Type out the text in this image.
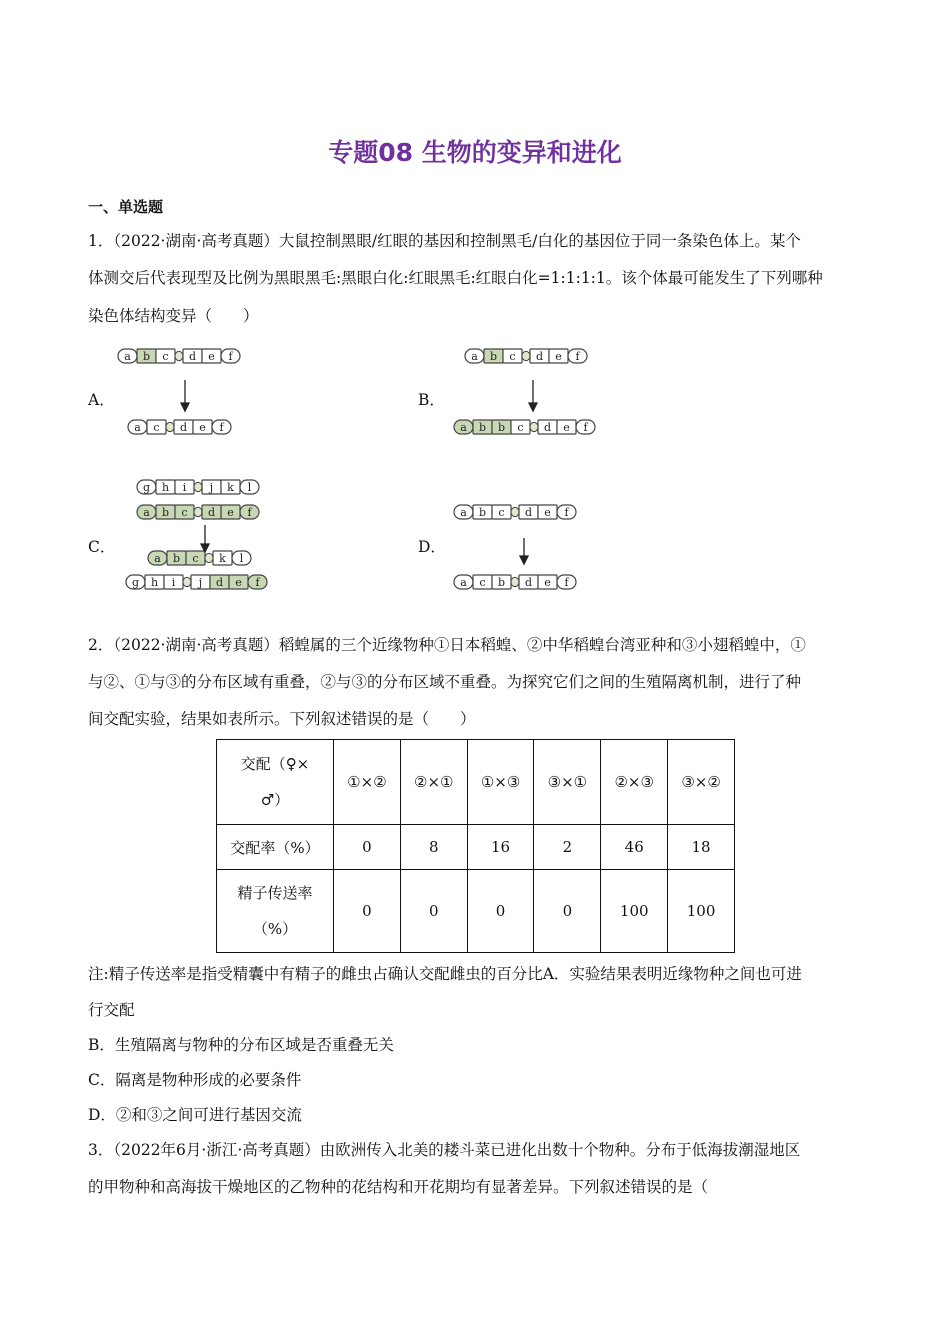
专题08 生物的变异和进化
一、单选题
1．（2022·湖南·高考真题）大鼠控制黑眼/红眼的基因和控制黑毛/白化的基因位于同一条染色体上。某个
体测交后代表现型及比例为黑眼黑毛:黑眼白化:红眼黑毛:红眼白化=1:1:1:1。该个体最可能发生了下列哪种
染色体结构变异（　　）
A．	B．
C．	D．
a b c d e f
a c d e f
a b c d e f
a b b c d e f
g h i j k l
a b c d e f
a b c k l
g h i j d e f
a b c d e f
a c b d e f
2．（2022·湖南·高考真题）稻蝗属的三个近缘物种①日本稻蝗、②中华稻蝗台湾亚种和③小翅稻蝗中，①
与②、①与③的分布区域有重叠，②与③的分布区域不重叠。为探究它们之间的生殖隔离机制，进行了种
间交配实验，结果如表所示。下列叙述错误的是（　　）
交配（♀×
♂）	①×②	②×①	①×③	③×①	②×③	③×②
交配率（%）	0	8	16	2	46	18

精子传送率
（%）	0	0	0	0	100	100
注:精子传送率是指受精囊中有精子的雌虫占确认交配雌虫的百分比A．实验结果表明近缘物种之间也可进
行交配
B．生殖隔离与物种的分布区域是否重叠无关
C．隔离是物种形成的必要条件
D．②和③之间可进行基因交流
3．（2022年6月·浙江·高考真题）由欧洲传入北美的耧斗菜已进化出数十个物种。分布于低海拔潮湿地区
的甲物种和高海拔干燥地区的乙物种的花结构和开花期均有显著差异。下列叙述错误的是（
